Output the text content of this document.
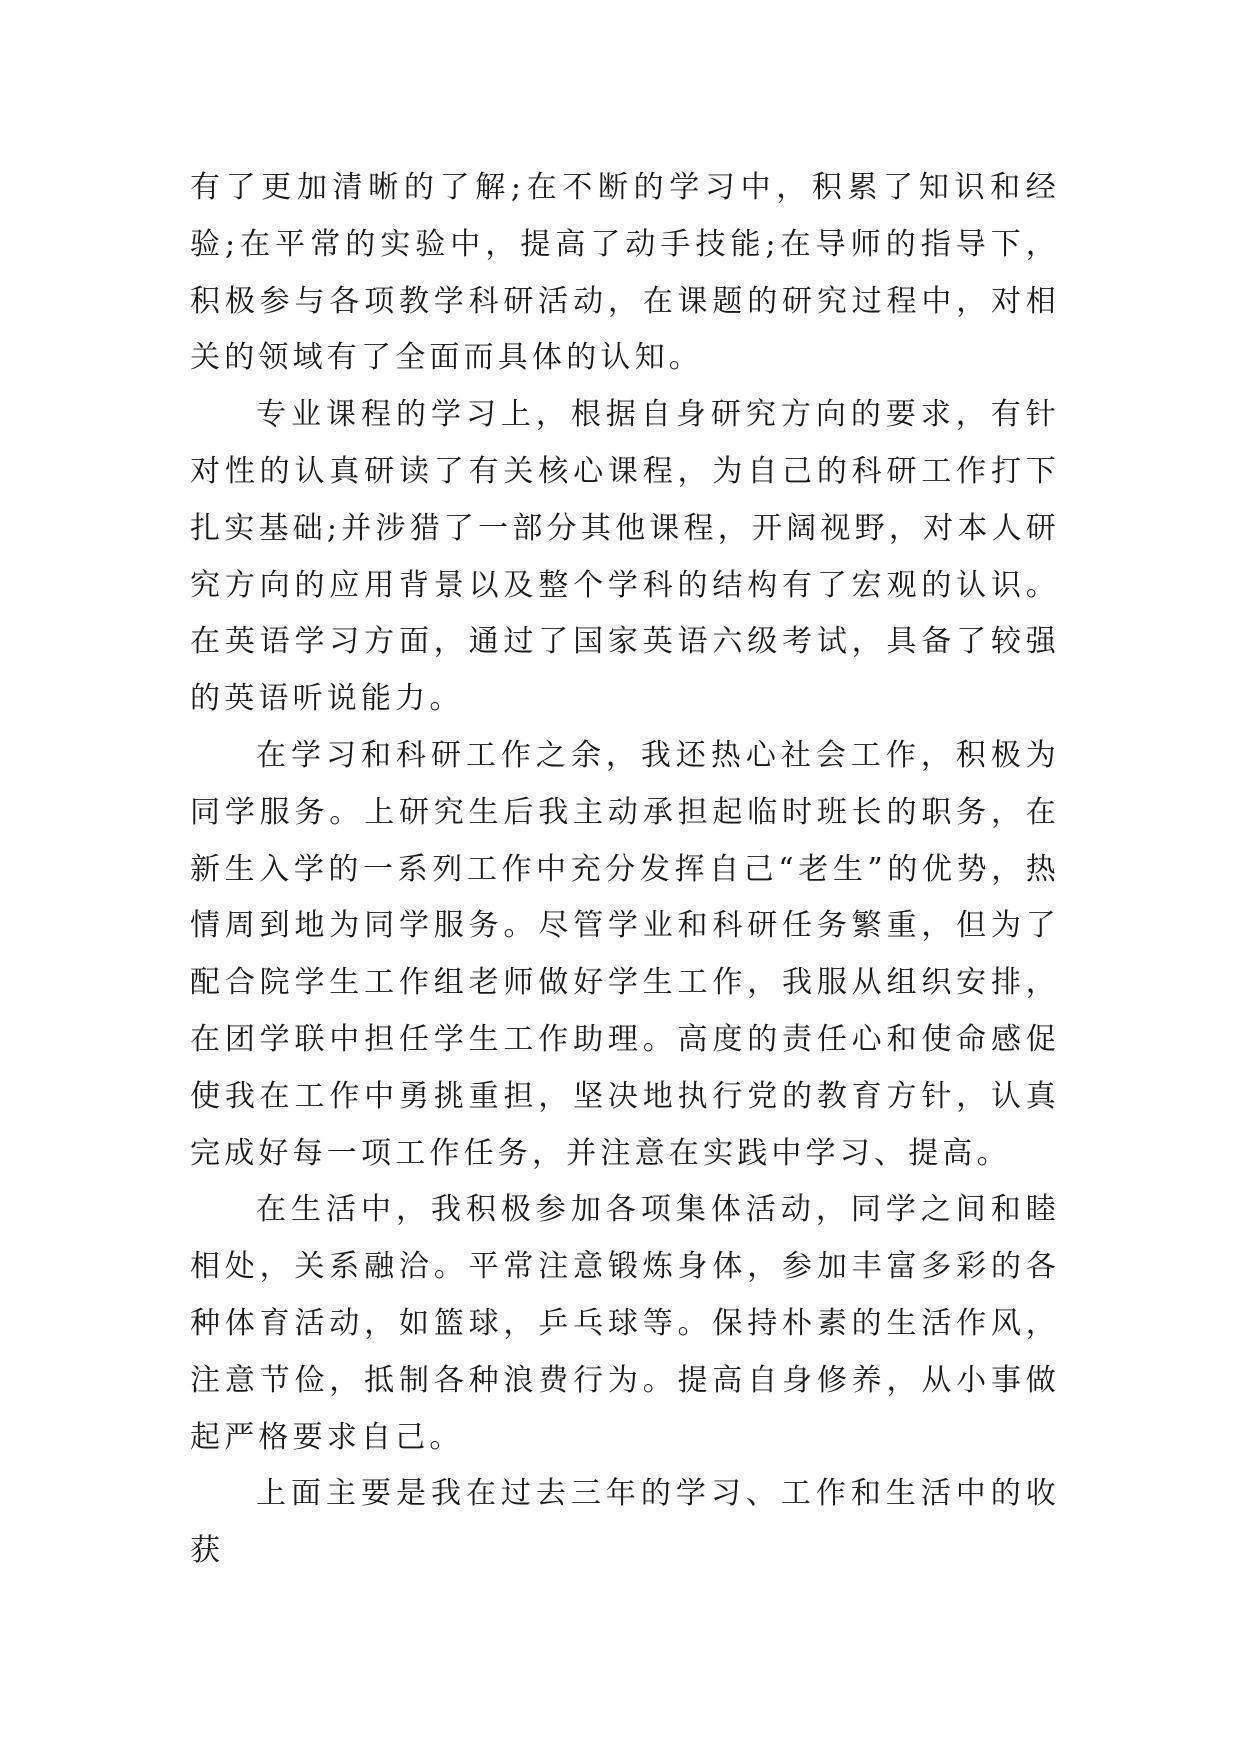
有了更加清晰的了解;在不断的学习中，积累了知识和经验;在平常的实验中，提高了动手技能;在导师的指导下，积极参与各项教学科研活动，在课题的研究过程中，对相关的领域有了全面而具体的认知。

专业课程的学习上，根据自身研究方向的要求，有针对性的认真研读了有关核心课程，为自己的科研工作打下扎实基础;并涉猎了一部分其他课程，开阔视野，对本人研究方向的应用背景以及整个学科的结构有了宏观的认识。在英语学习方面，通过了国家英语六级考试，具备了较强的英语听说能力。

在学习和科研工作之余，我还热心社会工作，积极为同学服务。上研究生后我主动承担起临时班长的职务，在新生入学的一系列工作中充分发挥自己“老生”的优势，热情周到地为同学服务。尽管学业和科研任务繁重，但为了配合院学生工作组老师做好学生工作，我服从组织安排，在团学联中担任学生工作助理。高度的责任心和使命感促使我在工作中勇挑重担，坚决地执行党的教育方针，认真完成好每一项工作任务，并注意在实践中学习、提高。

在生活中，我积极参加各项集体活动，同学之间和睦相处，关系融洽。平常注意锻炼身体，参加丰富多彩的各种体育活动，如篮球，乒乓球等。保持朴素的生活作风，注意节俭，抵制各种浪费行为。提高自身修养，从小事做起严格要求自己。

上面主要是我在过去三年的学习、工作和生活中的收获
